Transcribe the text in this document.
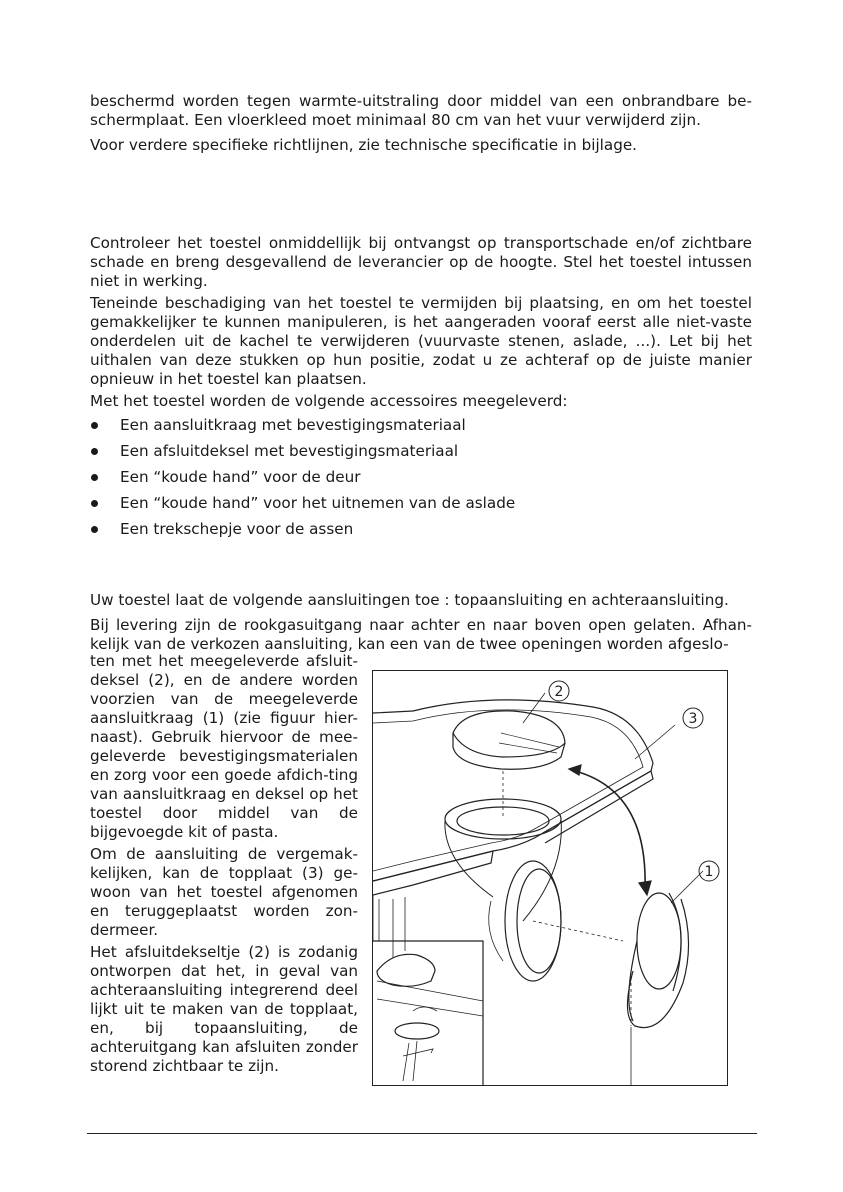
beschermd worden tegen warmte-uitstraling door middel van een onbrandbare be-

schermplaat. Een vloerkleed moet minimaal 80 cm van het vuur verwijderd zijn.

Voor verdere specifieke richtlijnen, zie technische specificatie in bijlage.

Controleer het toestel onmiddellijk bij ontvangst op transportschade en/of zichtbare schade en breng desgevallend de leverancier op de hoogte. Stel het toestel intussen niet in werking.

Teneinde beschadiging van het toestel te vermijden bij plaatsing, en om het toestel gemakkelijker te kunnen manipuleren, is het aangeraden vooraf eerst alle niet-vaste onderdelen uit de kachel te verwijderen (vuurvaste stenen, aslade, ...). Let bij het uithalen van deze stukken op hun positie, zodat u ze achteraf op de juiste manier opnieuw in het toestel kan plaatsen.

Met het toestel worden de volgende accessoires meegeleverd:

Een aansluitkraag met bevestigingsmateriaal
Een afsluitdeksel met bevestigingsmateriaal
Een “koude hand” voor de deur
Een “koude hand” voor het uitnemen van de aslade
Een trekschepje voor de assen

Uw toestel laat de volgende aansluitingen toe : topaansluiting en achteraansluiting.

Bij levering zijn de rookgasuitgang naar achter en naar boven open gelaten. Afhan-kelijk van de verkozen aansluiting, kan een van de twee openingen worden afgeslo-

ten met het meegeleverde afsluit-deksel (2), en de andere worden voorzien van de meegeleverde aansluitkraag (1) (zie figuur hier-naast). Gebruik hiervoor de mee-geleverde bevestigingsmaterialen en zorg voor een goede afdich-ting van aansluitkraag en deksel op het toestel door middel van de bijgevoegde kit of pasta.

Om de aansluiting de vergemak-kelijken, kan de topplaat (3) ge-woon van het toestel afgenomen en teruggeplaatst worden zon-dermeer.

Het afsluitdekseltje (2) is zodanig ontworpen dat het, in geval van achteraansluiting integrerend deel lijkt uit te maken van de topplaat, en, bij topaansluiting, de achteruitgang kan afsluiten zonder storend zichtbaar te zijn.

2
3
1
